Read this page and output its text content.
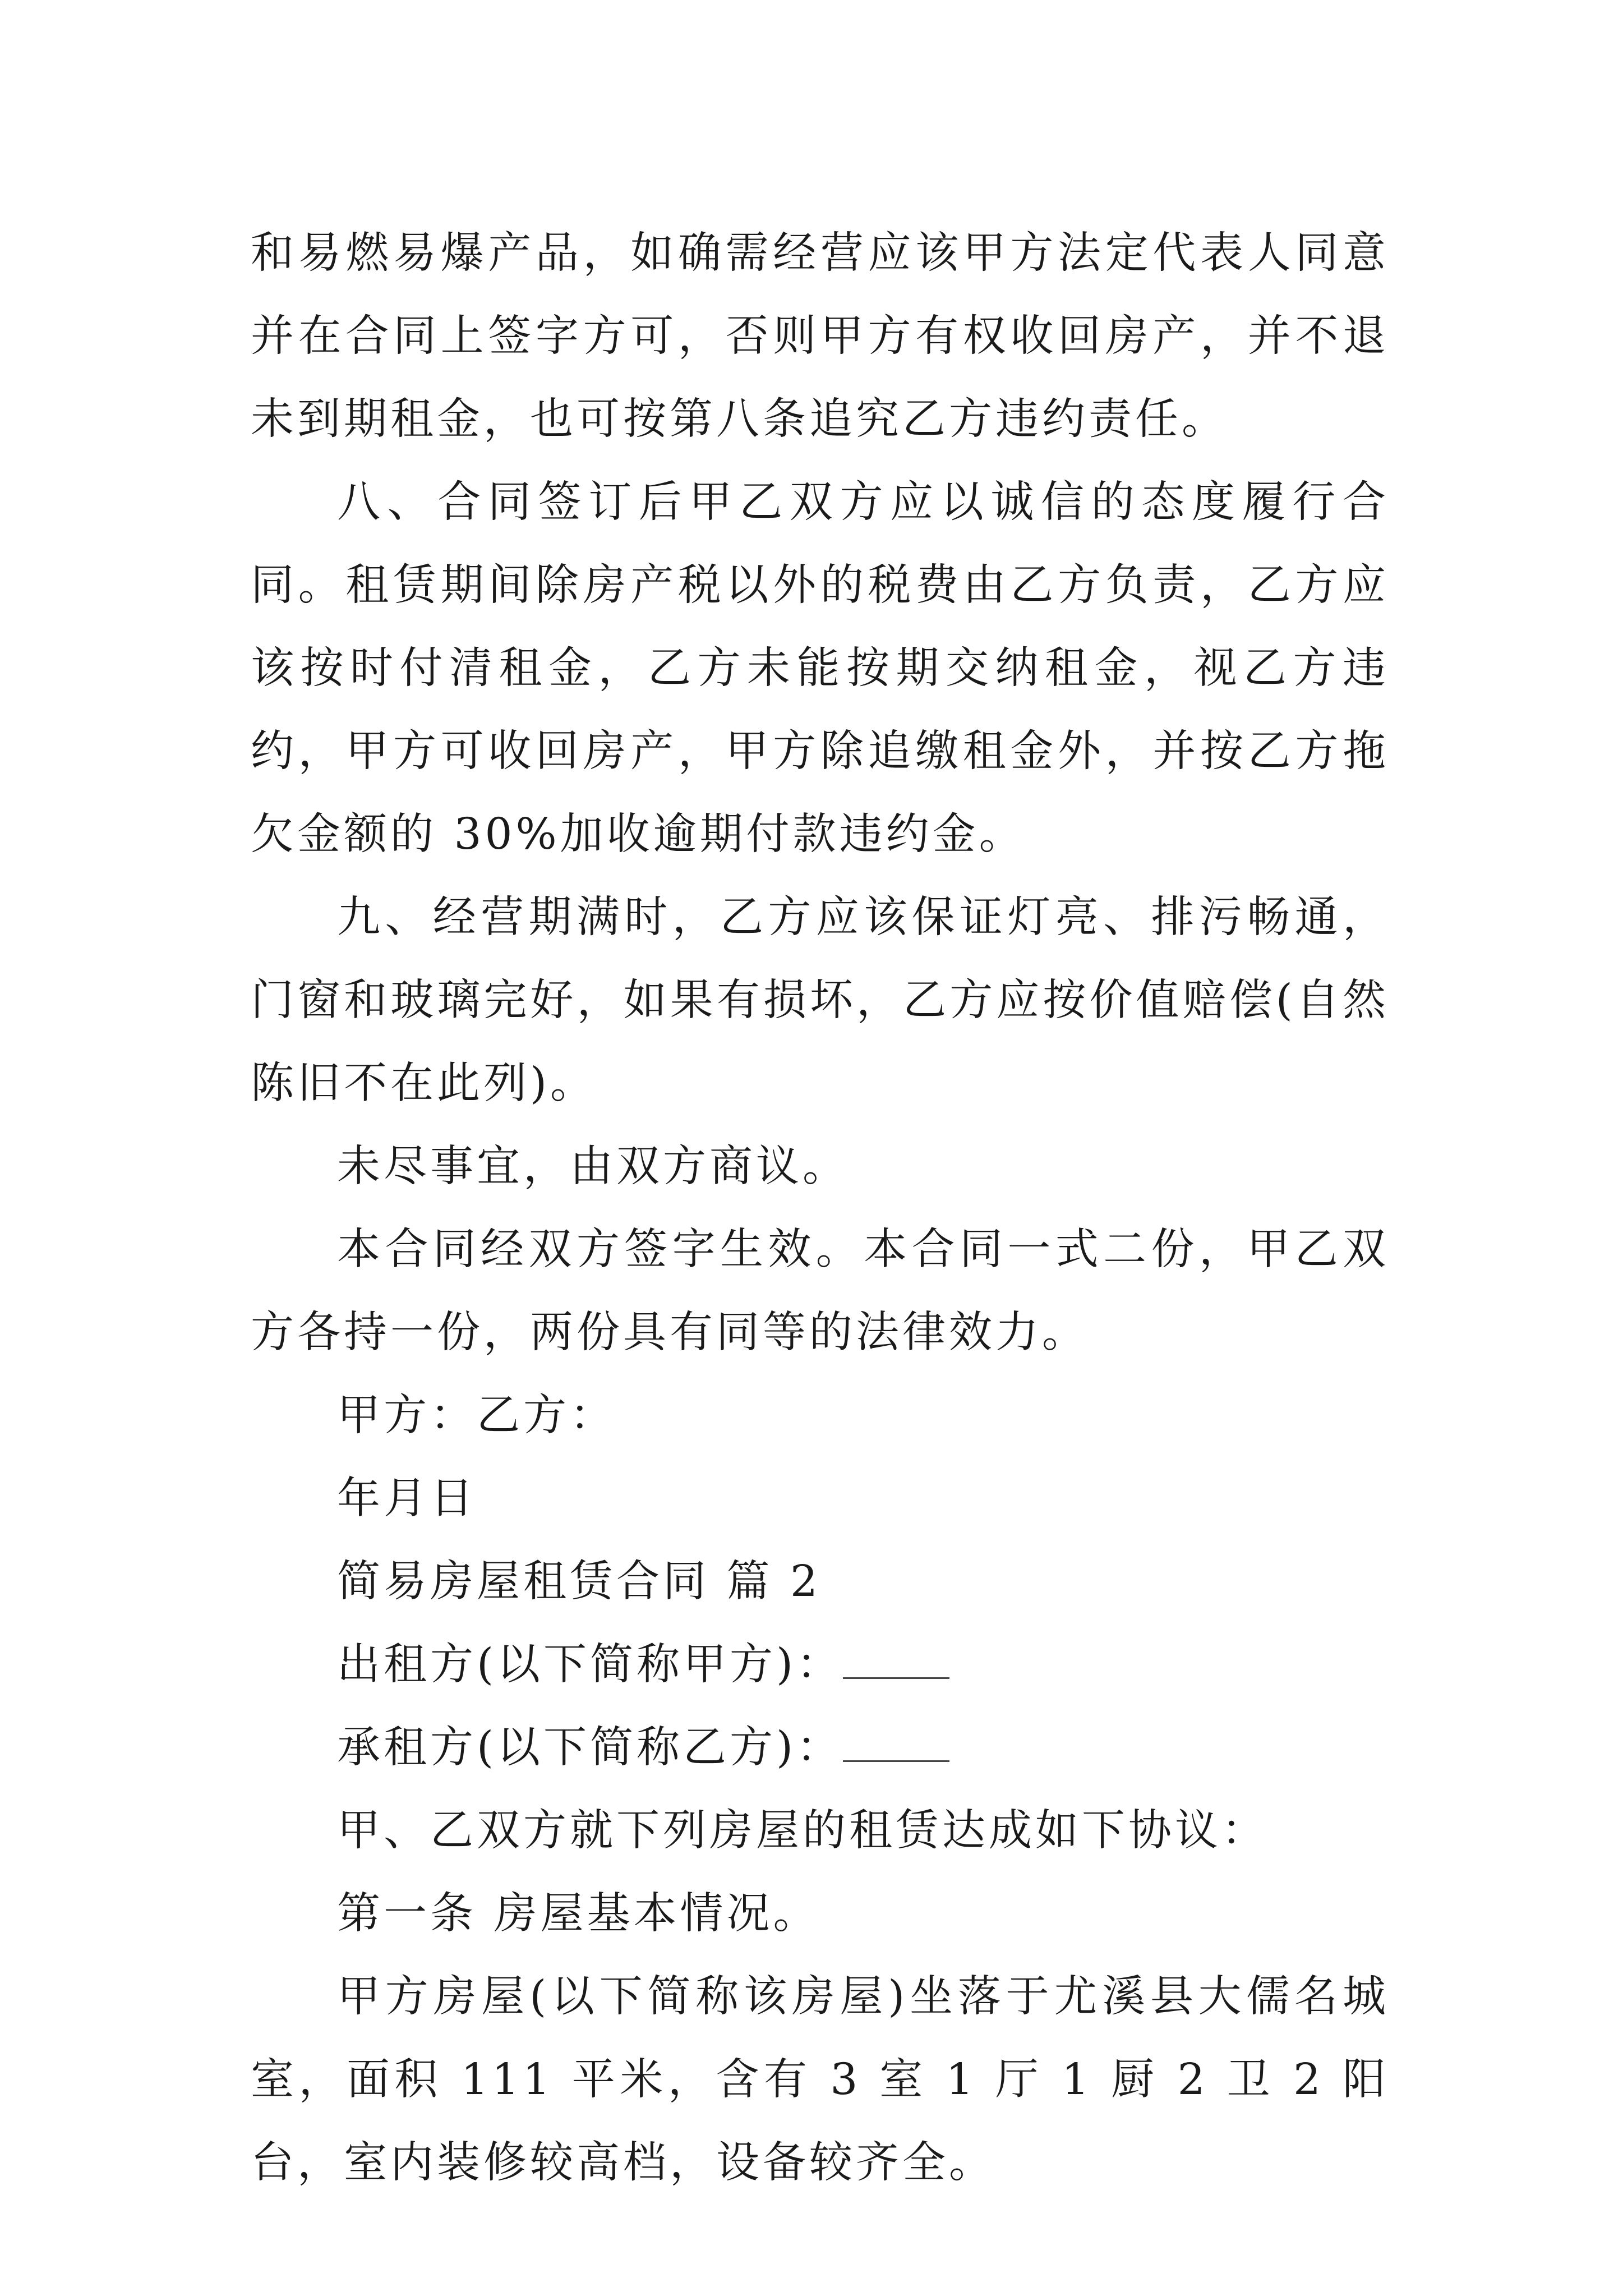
和易燃易爆产品，如确需经营应该甲方法定代表人同意并在合同上签字方可，否则甲方有权收回房产，并不退未到期租金，也可按第八条追究乙方违约责任。

八、合同签订后甲乙双方应以诚信的态度履行合同。租赁期间除房产税以外的税费由乙方负责，乙方应该按时付清租金，乙方未能按期交纳租金，视乙方违约，甲方可收回房产，甲方除追缴租金外，并按乙方拖欠金额的 30%加收逾期付款违约金。

九、经营期满时，乙方应该保证灯亮、排污畅通，门窗和玻璃完好，如果有损坏，乙方应按价值赔偿(自然陈旧不在此列)。

未尽事宜，由双方商议。

本合同经双方签字生效。本合同一式二份，甲乙双方各持一份，两份具有同等的法律效力。

甲方：乙方：

年月日

简易房屋租赁合同 篇 2

出租方(以下简称甲方)：

承租方(以下简称乙方)：

甲、乙双方就下列房屋的租赁达成如下协议：

第一条 房屋基本情况。

甲方房屋(以下简称该房屋)坐落于尤溪县大儒名城 室，面积 111 平米，含有 3 室 1 厅 1 厨 2 卫 2 阳台，室内装修较高档，设备较齐全。
